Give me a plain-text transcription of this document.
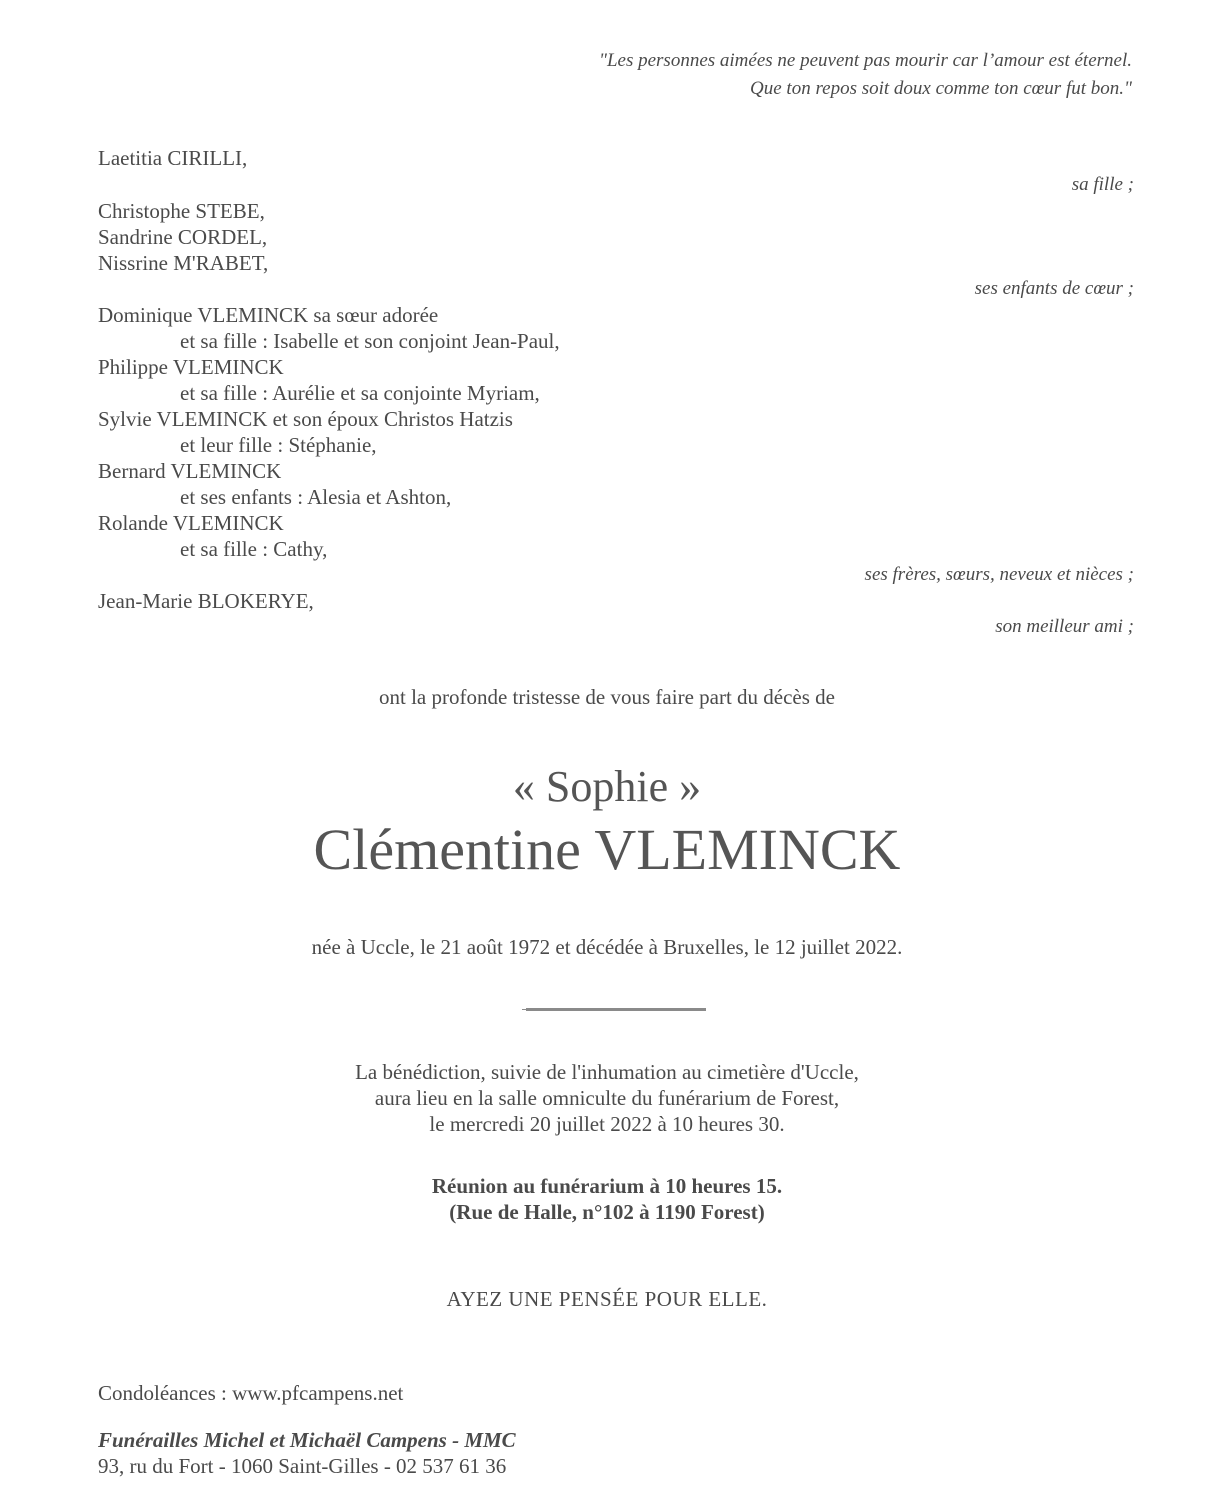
"Les personnes aimées ne peuvent pas mourir car l’amour est éternel.
Que ton repos soit doux comme ton cœur fut bon."
Laetitia CIRILLI,
sa fille ;
Christophe STEBE,
Sandrine CORDEL,
Nissrine M'RABET,
ses enfants de cœur ;
Dominique VLEMINCK sa sœur adorée
et sa fille : Isabelle et son conjoint Jean-Paul,
Philippe VLEMINCK
et sa fille : Aurélie et sa conjointe Myriam,
Sylvie VLEMINCK et son époux Christos Hatzis
et leur fille : Stéphanie,
Bernard VLEMINCK
et ses enfants : Alesia et Ashton,
Rolande VLEMINCK
et sa fille : Cathy,
ses frères, sœurs, neveux et nièces ;
Jean-Marie BLOKERYE,
son meilleur ami ;
ont la profonde tristesse de vous faire part du décès de
« Sophie »
Clémentine VLEMINCK
née à Uccle, le 21 août 1972 et décédée à Bruxelles, le 12 juillet 2022.
La bénédiction, suivie de l'inhumation au cimetière d'Uccle,
aura lieu en la salle omniculte du funérarium de Forest,
le mercredi 20 juillet 2022 à 10 heures 30.
Réunion au funérarium à 10 heures 15.
(Rue de Halle, n°102 à 1190 Forest)
AYEZ UNE PENSÉE POUR ELLE.
Condoléances : www.pfcampens.net
Funérailles Michel et Michaël Campens - MMC
93, ru du Fort - 1060 Saint-Gilles - 02 537 61 36
